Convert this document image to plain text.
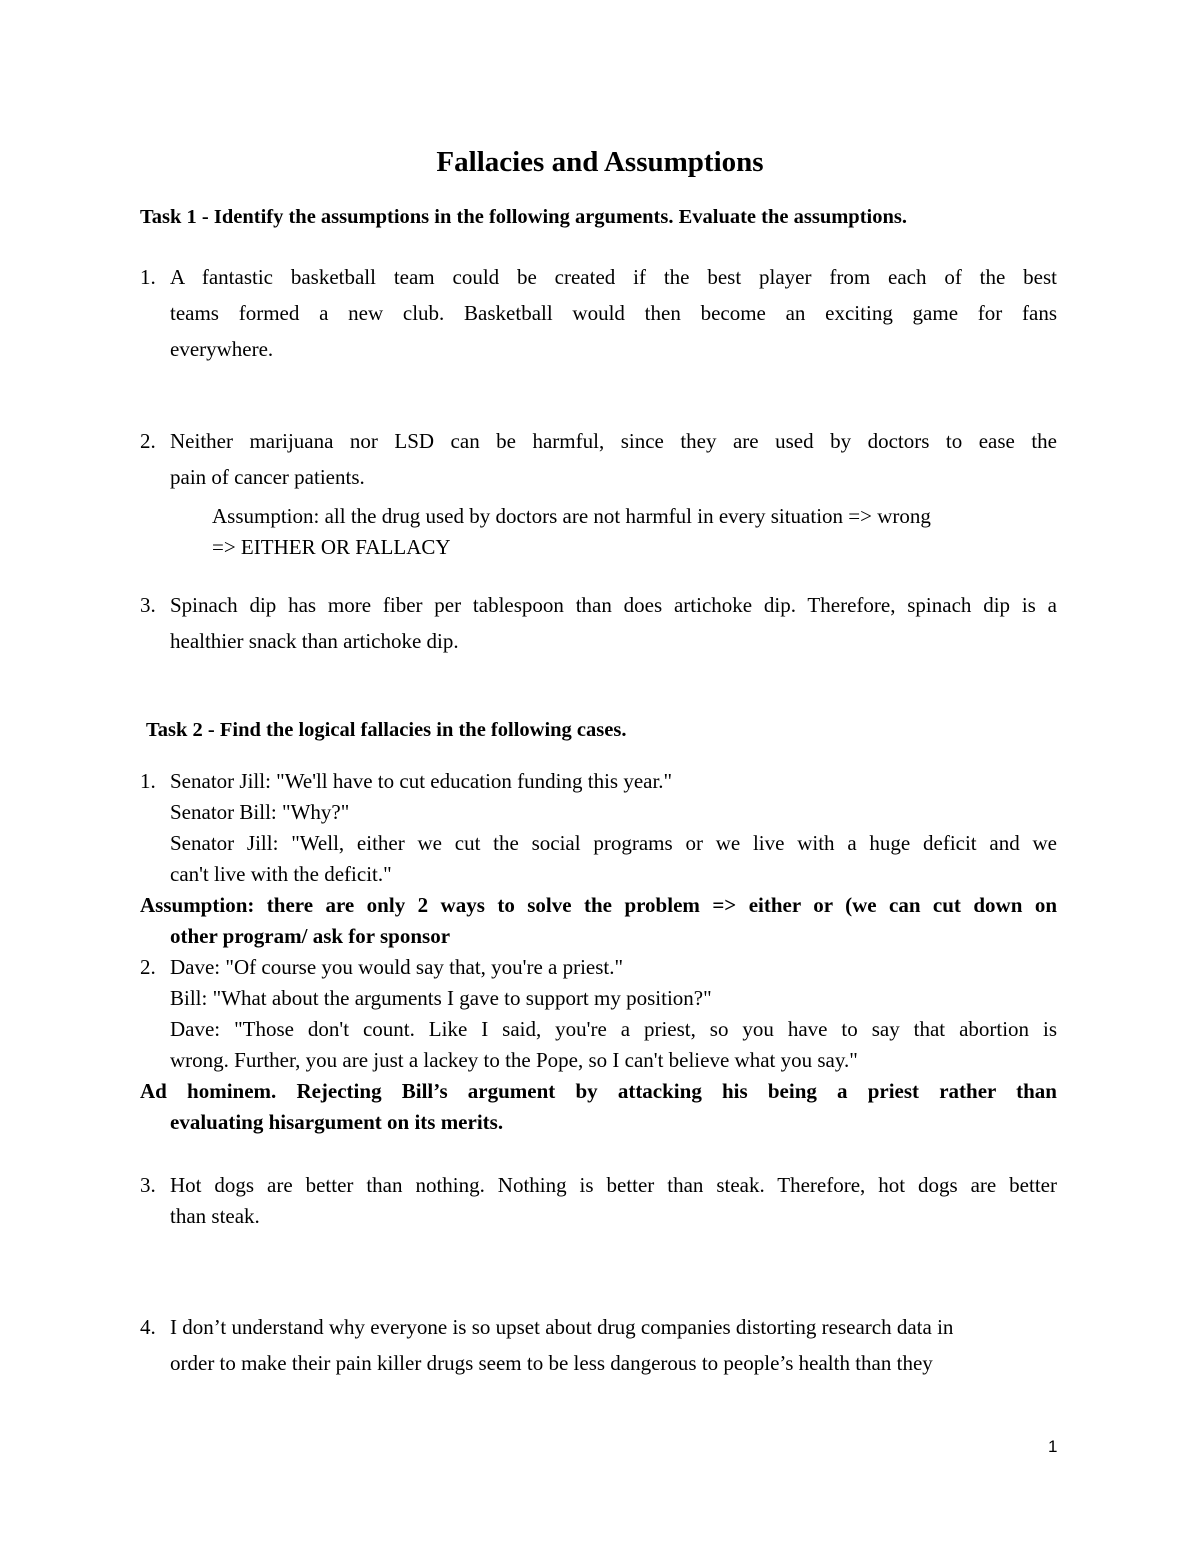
Fallacies and Assumptions
Task 1 - Identify the assumptions in the following arguments. Evaluate the assumptions.
1. A fantastic basketball team could be created if the best player from each of the best
teams formed a new club. Basketball would then become an exciting game for fans
everywhere.
2. Neither marijuana nor LSD can be harmful, since they are used by doctors to ease the
pain of cancer patients.
Assumption: all the drug used by doctors are not harmful in every situation => wrong
=> EITHER OR FALLACY
3. Spinach dip has more fiber per tablespoon than does artichoke dip. Therefore, spinach dip is a
healthier snack than artichoke dip.
Task 2 - Find the logical fallacies in the following cases.
1. Senator Jill: "We'll have to cut education funding this year."
Senator Bill: "Why?"
Senator Jill: "Well, either we cut the social programs or we live with a huge deficit and we
can't live with the deficit."
Assumption: there are only 2 ways to solve the problem => either or (we can cut down on
other program/ ask for sponsor
2. Dave: "Of course you would say that, you're a priest."
Bill: "What about the arguments I gave to support my position?"
Dave: "Those don't count. Like I said, you're a priest, so you have to say that abortion is
wrong. Further, you are just a lackey to the Pope, so I can't believe what you say."
Ad hominem. Rejecting Bill’s argument by attacking his being a priest rather than
evaluating hisargument on its merits.
3. Hot dogs are better than nothing. Nothing is better than steak. Therefore, hot dogs are better
than steak.
4. I don’t understand why everyone is so upset about drug companies distorting research data in
order to make their pain killer drugs seem to be less dangerous to people’s health than they
1
